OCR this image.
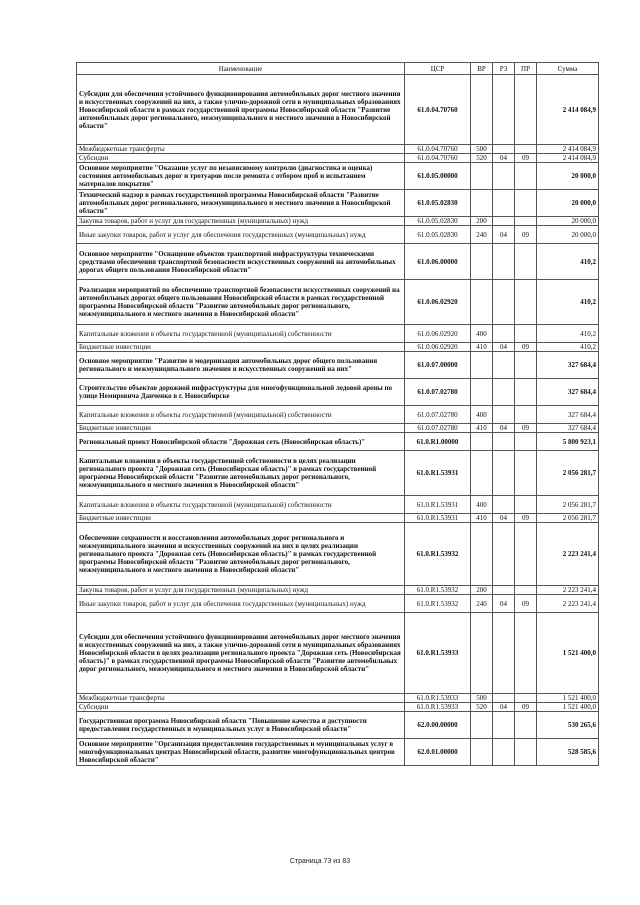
Наименование	ЦСР	ВР	РЗ	ПР	Сумма
Субсидии для обеспечения устойчивого функционирования автомобильных дорог местного значения и искусственных сооружений на них, а также улично-дорожной сети в муниципальных образованиях Новосибирской области в рамках государственной программы Новосибирской области "Развитие автомобильных дорог регионального, межмуниципального и местного значения в Новосибирской области"	61.0.04.70760				2 414 084,9
Межбюджетные трансферты	61.0.04.70760	500			2 414 084,9
Субсидии	61.0.04.70760	520	04	09	2 414 084,9
Основное мероприятие "Оказание услуг по независимому контролю (диагностика и оценка) состояния автомобильных дорог и тротуаров после ремонта с отбором проб и испытанием материалов покрытия"	61.0.05.00000				20 000,0
Технический надзор в рамках государственной программы Новосибирской области "Развитие автомобильных дорог регионального, межмуниципального и местного значения в Новосибирской области"	61.0.05.02830				20 000,0
Закупка товаров, работ и услуг для государственных (муниципальных) нужд	61.0.05.02830	200			20 000,0
Иные закупки товаров, работ и услуг для обеспечения государственных (муниципальных) нужд	61.0.05.02830	240	04	09	20 000,0
Основное мероприятие "Оснащение объектов транспортной инфраструктуры техническими средствами обеспечения транспортной безопасности искусственных сооружений на автомобильных дорогах общего пользования Новосибирской области"	61.0.06.00000				410,2
Реализация мероприятий по обеспечению транспортной безопасности искусственных сооружений на автомобильных дорогах общего пользования Новосибирской области в рамках государственной программы Новосибирской области "Развитие автомобильных дорог регионального, межмуниципального и местного значения в Новосибирской области"	61.0.06.02920				410,2
Капитальные вложения в объекты государственной (муниципальной) собственности	61.0.06.02920	400			410,2
Бюджетные инвестиции	61.0.06.02920	410	04	09	410,2
Основное мероприятие "Развитие и модернизация автомобильных дорог общего пользования регионального и межмуниципального значения и искусственных сооружений на них"	61.0.07.00000				327 684,4
Строительство объектов дорожной инфраструктуры для многофункциональной ледовой арены по улице Немировича Данченко в г. Новосибирске	61.0.07.02780				327 684,4
Капитальные вложения в объекты государственной (муниципальной) собственности	61.0.07.02780	400			327 684,4
Бюджетные инвестиции	61.0.07.02780	410	04	09	327 684,4
Региональный проект Новосибирской области "Дорожная сеть (Новосибирская область)"	61.0.R1.00000				5 800 923,1
Капитальные вложения в объекты государственной собственности в целях реализации регионального проекта "Дорожная сеть (Новосибирская область)" в рамках государственной программы Новосибирской области "Развитие автомобильных дорог регионального, межмуниципального и местного значения в Новосибирской области"	61.0.R1.53931				2 056 281,7
Капитальные вложения в объекты государственной (муниципальной) собственности	61.0.R1.53931	400			2 056 281,7
Бюджетные инвестиции	61.0.R1.53931	410	04	09	2 056 281,7
Обеспечение сохранности и восстановления автомобильных дорог регионального и межмуниципального значения и искусственных сооружений на них в целях реализации регионального проекта "Дорожная сеть (Новосибирская область)" в рамках государственной программы Новосибирской области "Развитие автомобильных дорог регионального, межмуниципального и местного значения в Новосибирской области"	61.0.R1.53932				2 223 241,4
Закупка товаров, работ и услуг для государственных (муниципальных) нужд	61.0.R1.53932	200			2 223 241,4
Иные закупки товаров, работ и услуг для обеспечения государственных (муниципальных) нужд	61.0.R1.53932	240	04	09	2 223 241,4
Субсидии для обеспечения устойчивого функционирования автомобильных дорог местного значения и искусственных сооружений на них, а также улично-дорожной сети в муниципальных образованиях Новосибирской области в целях реализации регионального проекта "Дорожная сеть (Новосибирская область)" в рамках государственной программы Новосибирской области "Развитие автомобильных дорог регионального, межмуниципального и местного значения в Новосибирской области"	61.0.R1.53933				1 521 400,0
Межбюджетные трансферты	61.0.R1.53933	500			1 521 400,0
Субсидии	61.0.R1.53933	520	04	09	1 521 400,0
Государственная программа Новосибирской области "Повышение качества и доступности предоставления государственных и муниципальных услуг в Новосибирской области"	62.0.00.00000				530 265,6
Основное мероприятие "Организация предоставления государственных и муниципальных услуг в многофункциональных центрах Новосибирской области, развитие многофункциональных центров Новосибирской области"	62.0.01.00000				528 585,6
Страница 73 из 83
